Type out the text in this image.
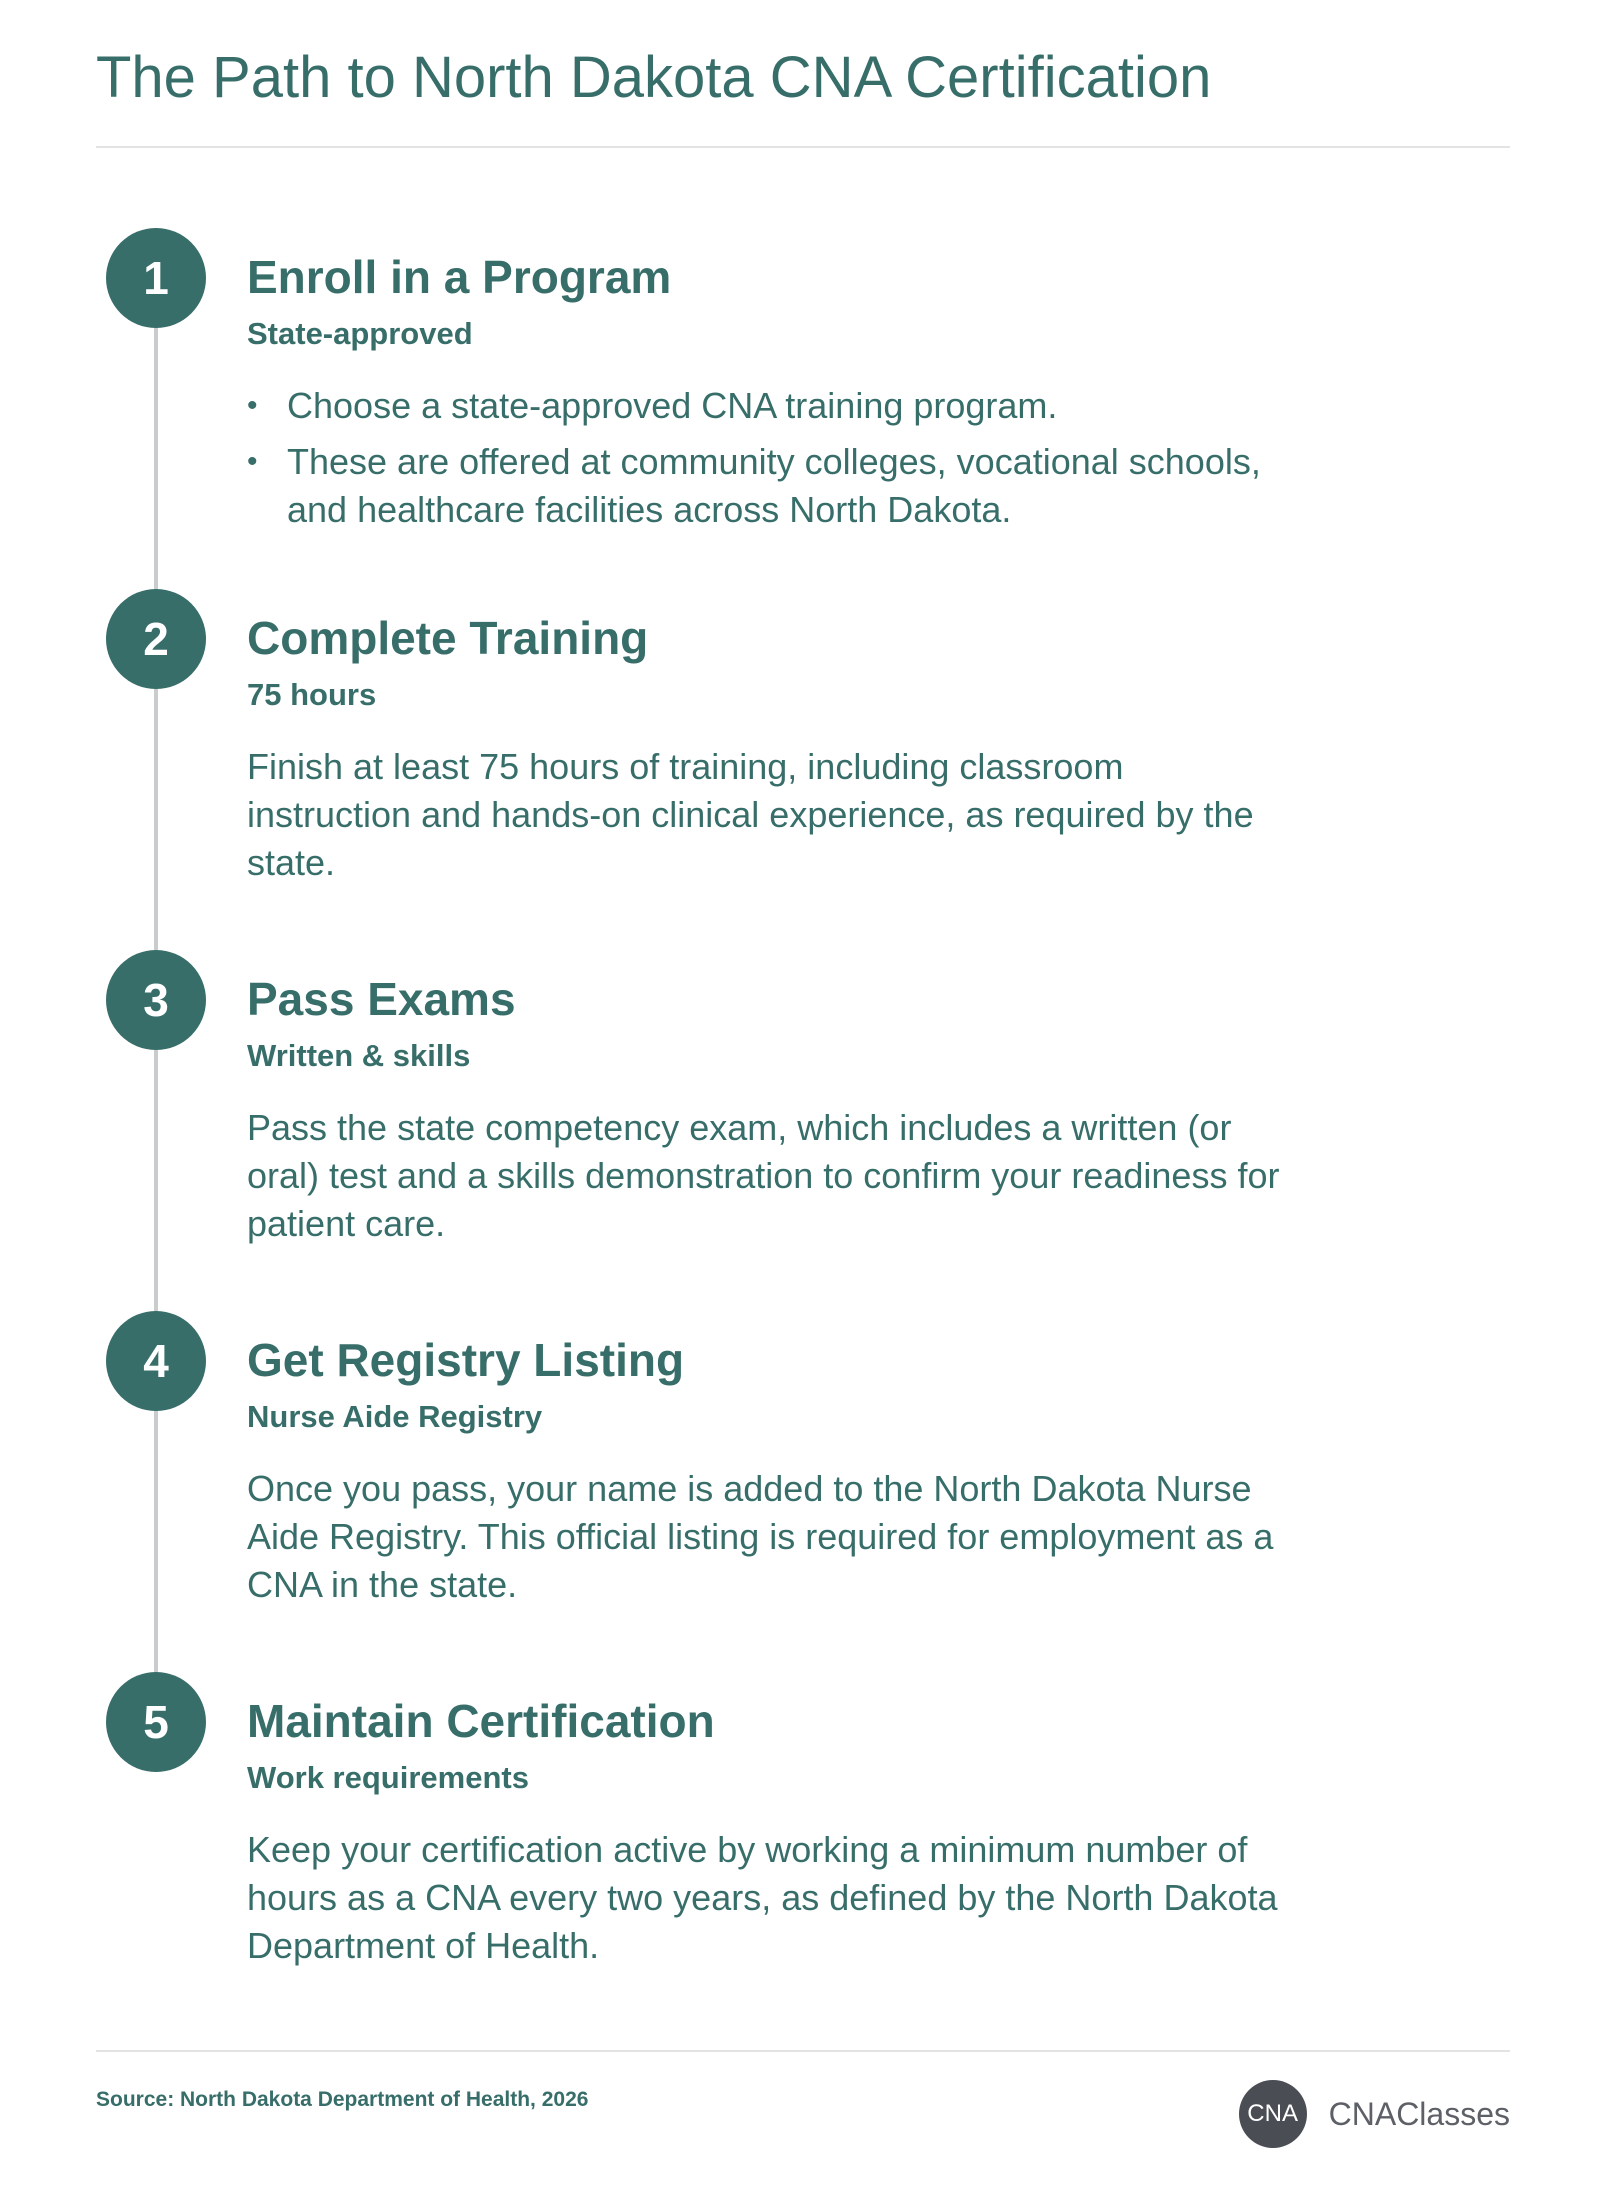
The Path to North Dakota CNA Certification
1	Enroll in a Program
State-approved
• Choose a state-approved CNA training program.
• These are offered at community colleges, vocational schools, and healthcare facilities across North Dakota.
2	Complete Training
75 hours

Finish at least 75 hours of training, including classroom instruction and hands-on clinical experience, as required by the state.

3	Pass Exams
Written & skills

Pass the state competency exam, which includes a written (or oral) test and a skills demonstration to confirm your readiness for patient care.

4	Get Registry Listing
Nurse Aide Registry

Once you pass, your name is added to the North Dakota Nurse Aide Registry. This official listing is required for employment as a CNA in the state.

5	Maintain Certification
Work requirements

Keep your certification active by working a minimum number of hours as a CNA every two years, as defined by the North Dakota Department of Health.

Source: North Dakota Department of Health, 2026
CNA CNAClasses
